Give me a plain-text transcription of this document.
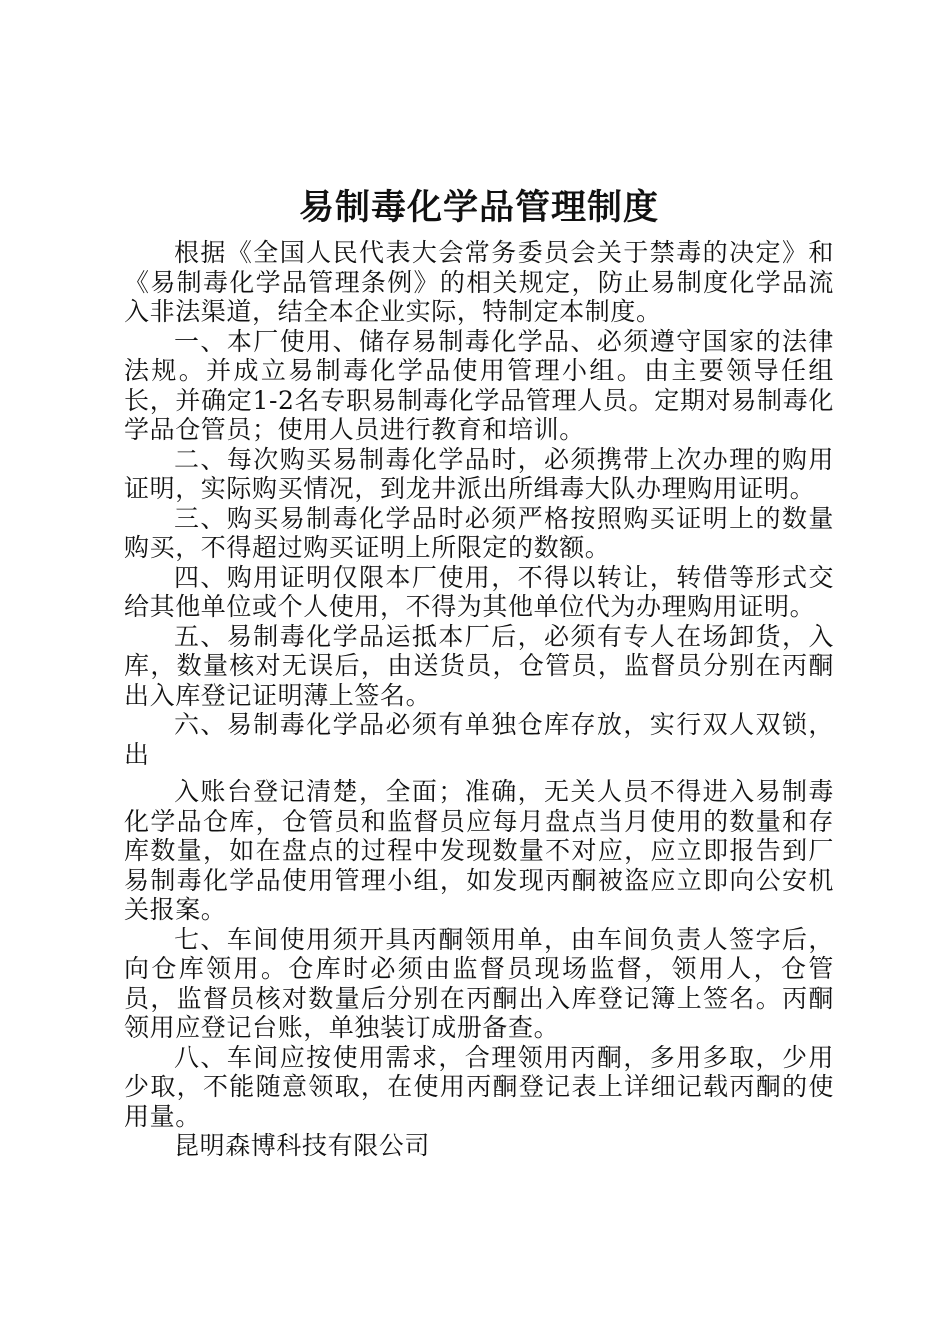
易制毒化学品管理制度

根据《全国人民代表大会常务委员会关于禁毒的决定》和《易制毒化学品管理条例》的相关规定，防止易制度化学品流入非法渠道，结全本企业实际，特制定本制度。

一、本厂使用、储存易制毒化学品、必须遵守国家的法律法规。并成立易制毒化学品使用管理小组。由主要领导任组长，并确定1-2名专职易制毒化学品管理人员。定期对易制毒化学品仓管员；使用人员进行教育和培训。

二、每次购买易制毒化学品时，必须携带上次办理的购用证明，实际购买情况，到龙井派出所缉毒大队办理购用证明。

三、购买易制毒化学品时必须严格按照购买证明上的数量购买，不得超过购买证明上所限定的数额。

四、购用证明仅限本厂使用，不得以转让，转借等形式交给其他单位或个人使用，不得为其他单位代为办理购用证明。

五、易制毒化学品运抵本厂后，必须有专人在场卸货，入库，数量核对无误后，由送货员，仓管员，监督员分别在丙酮出入库登记证明薄上签名。

六、易制毒化学品必须有单独仓库存放，实行双人双锁，出

入账台登记清楚，全面；准确，无关人员不得进入易制毒化学品仓库，仓管员和监督员应每月盘点当月使用的数量和存库数量，如在盘点的过程中发现数量不对应，应立即报告到厂易制毒化学品使用管理小组，如发现丙酮被盗应立即向公安机关报案。

七、车间使用须开具丙酮领用单，由车间负责人签字后，向仓库领用。仓库时必须由监督员现场监督，领用人，仓管员，监督员核对数量后分别在丙酮出入库登记簿上签名。丙酮领用应登记台账，单独装订成册备查。

八、车间应按使用需求，合理领用丙酮，多用多取，少用少取，不能随意领取，在使用丙酮登记表上详细记载丙酮的使用量。

昆明森博科技有限公司
